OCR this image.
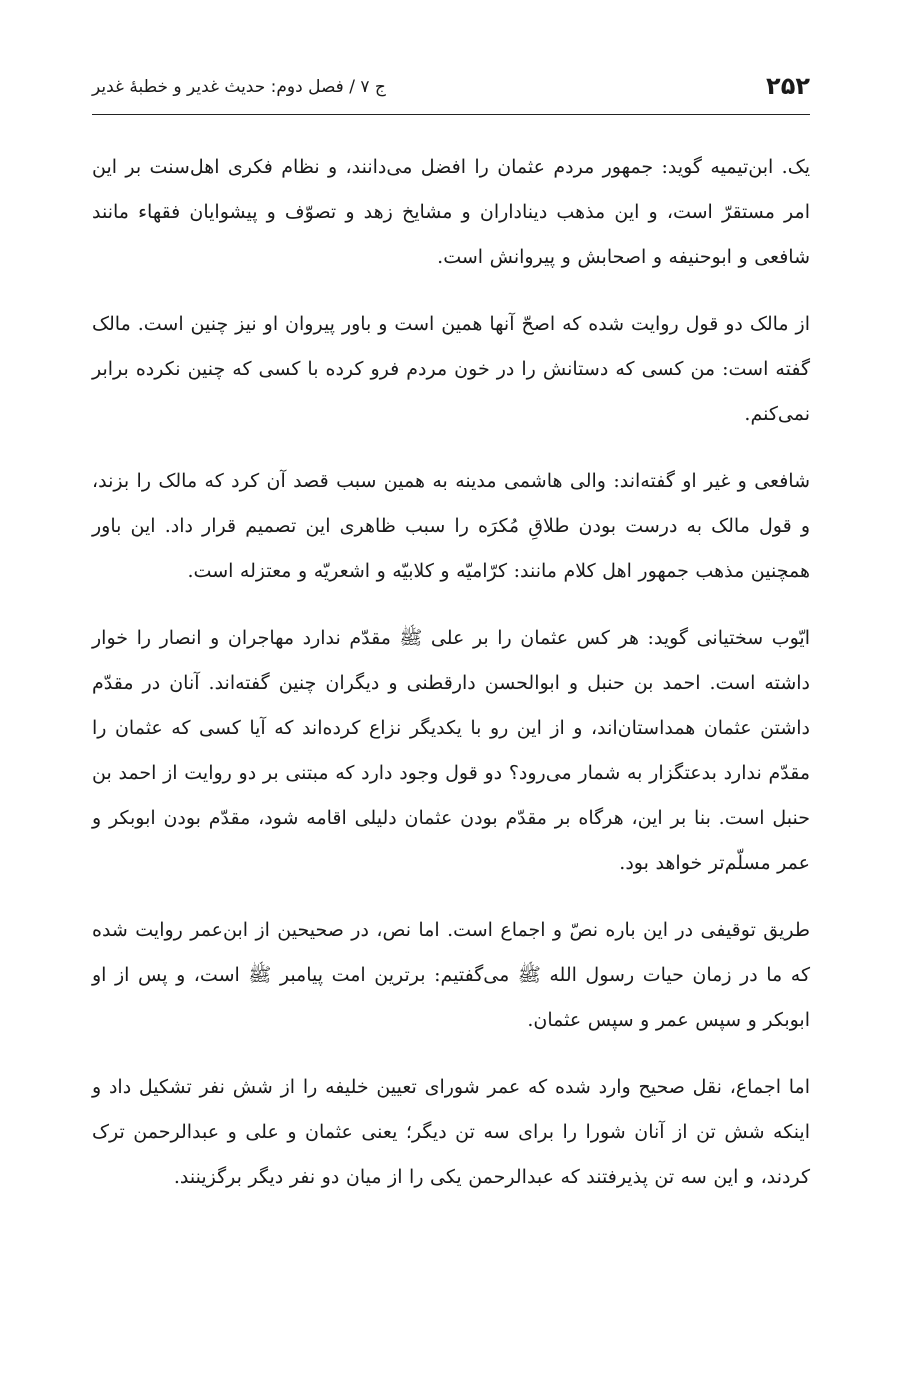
۲۵۲
ج ۷ / فصل دوم: حديث غدير و خطبهٔ غدير

يک. ابن‌تيميه گويد: جمهور مردم عثمان را افضل می‌دانند، و نظام فکری اهل‌سنت بر اين امر مستقرّ است، و اين مذهب ديناداران و مشايخ زهد و تصوّف و پيشوايان فقهاء مانند شافعی و ابوحنيفه و اصحابش و پيروانش است.

از مالک دو قول روايت شده که اصحّ آنها همين است و باور پيروان او نيز چنين است. مالک گفته است: من کسی که دستانش را در خون مردم فرو کرده با کسی که چنين نکرده برابر نمی‌کنم.

شافعی و غير او گفته‌اند: والی هاشمی مدينه به همين سبب قصد آن کرد که مالک را بزند، و قول مالک به درست بودن طلاقِ مُکرَه را سبب ظاهری اين تصميم قرار داد. اين باور همچنين مذهب جمهور اهل کلام مانند: کرّاميّه و کلابيّه و اشعريّه و معتزله است.

ايّوب سختيانی گويد: هر کس عثمان را بر علی ﷺ مقدّم ندارد مهاجران و انصار را خوار داشته است. احمد بن حنبل و ابوالحسن دارقطنی و ديگران چنين گفته‌اند. آنان در مقدّم داشتن عثمان همداستان‌اند، و از اين رو با يکديگر نزاع کرده‌اند که آيا کسی که عثمان را مقدّم ندارد بدعتگزار به شمار می‌رود؟ دو قول وجود دارد که مبتنی بر دو روايت از احمد بن حنبل است. بنا بر اين، هرگاه بر مقدّم بودن عثمان دليلی اقامه شود، مقدّم بودن ابوبکر و عمر مسلّم‌تر خواهد بود.

طريق توقيفی در اين باره نصّ و اجماع است. اما نص، در صحيحين از ابن‌عمر روايت شده که ما در زمان حيات رسول الله ﷺ می‌گفتيم: برترين امت پيامبر ﷺ است، و پس از او ابوبکر و سپس عمر و سپس عثمان.

اما اجماع، نقل صحيح وارد شده که عمر شورای تعيين خليفه را از شش نفر تشکيل داد و اينکه شش تن از آنان شورا را برای سه تن ديگر؛ يعنی عثمان و علی و عبدالرحمن ترک کردند، و اين سه تن پذيرفتند که عبدالرحمن يکی را از ميان دو نفر ديگر برگزينند.
